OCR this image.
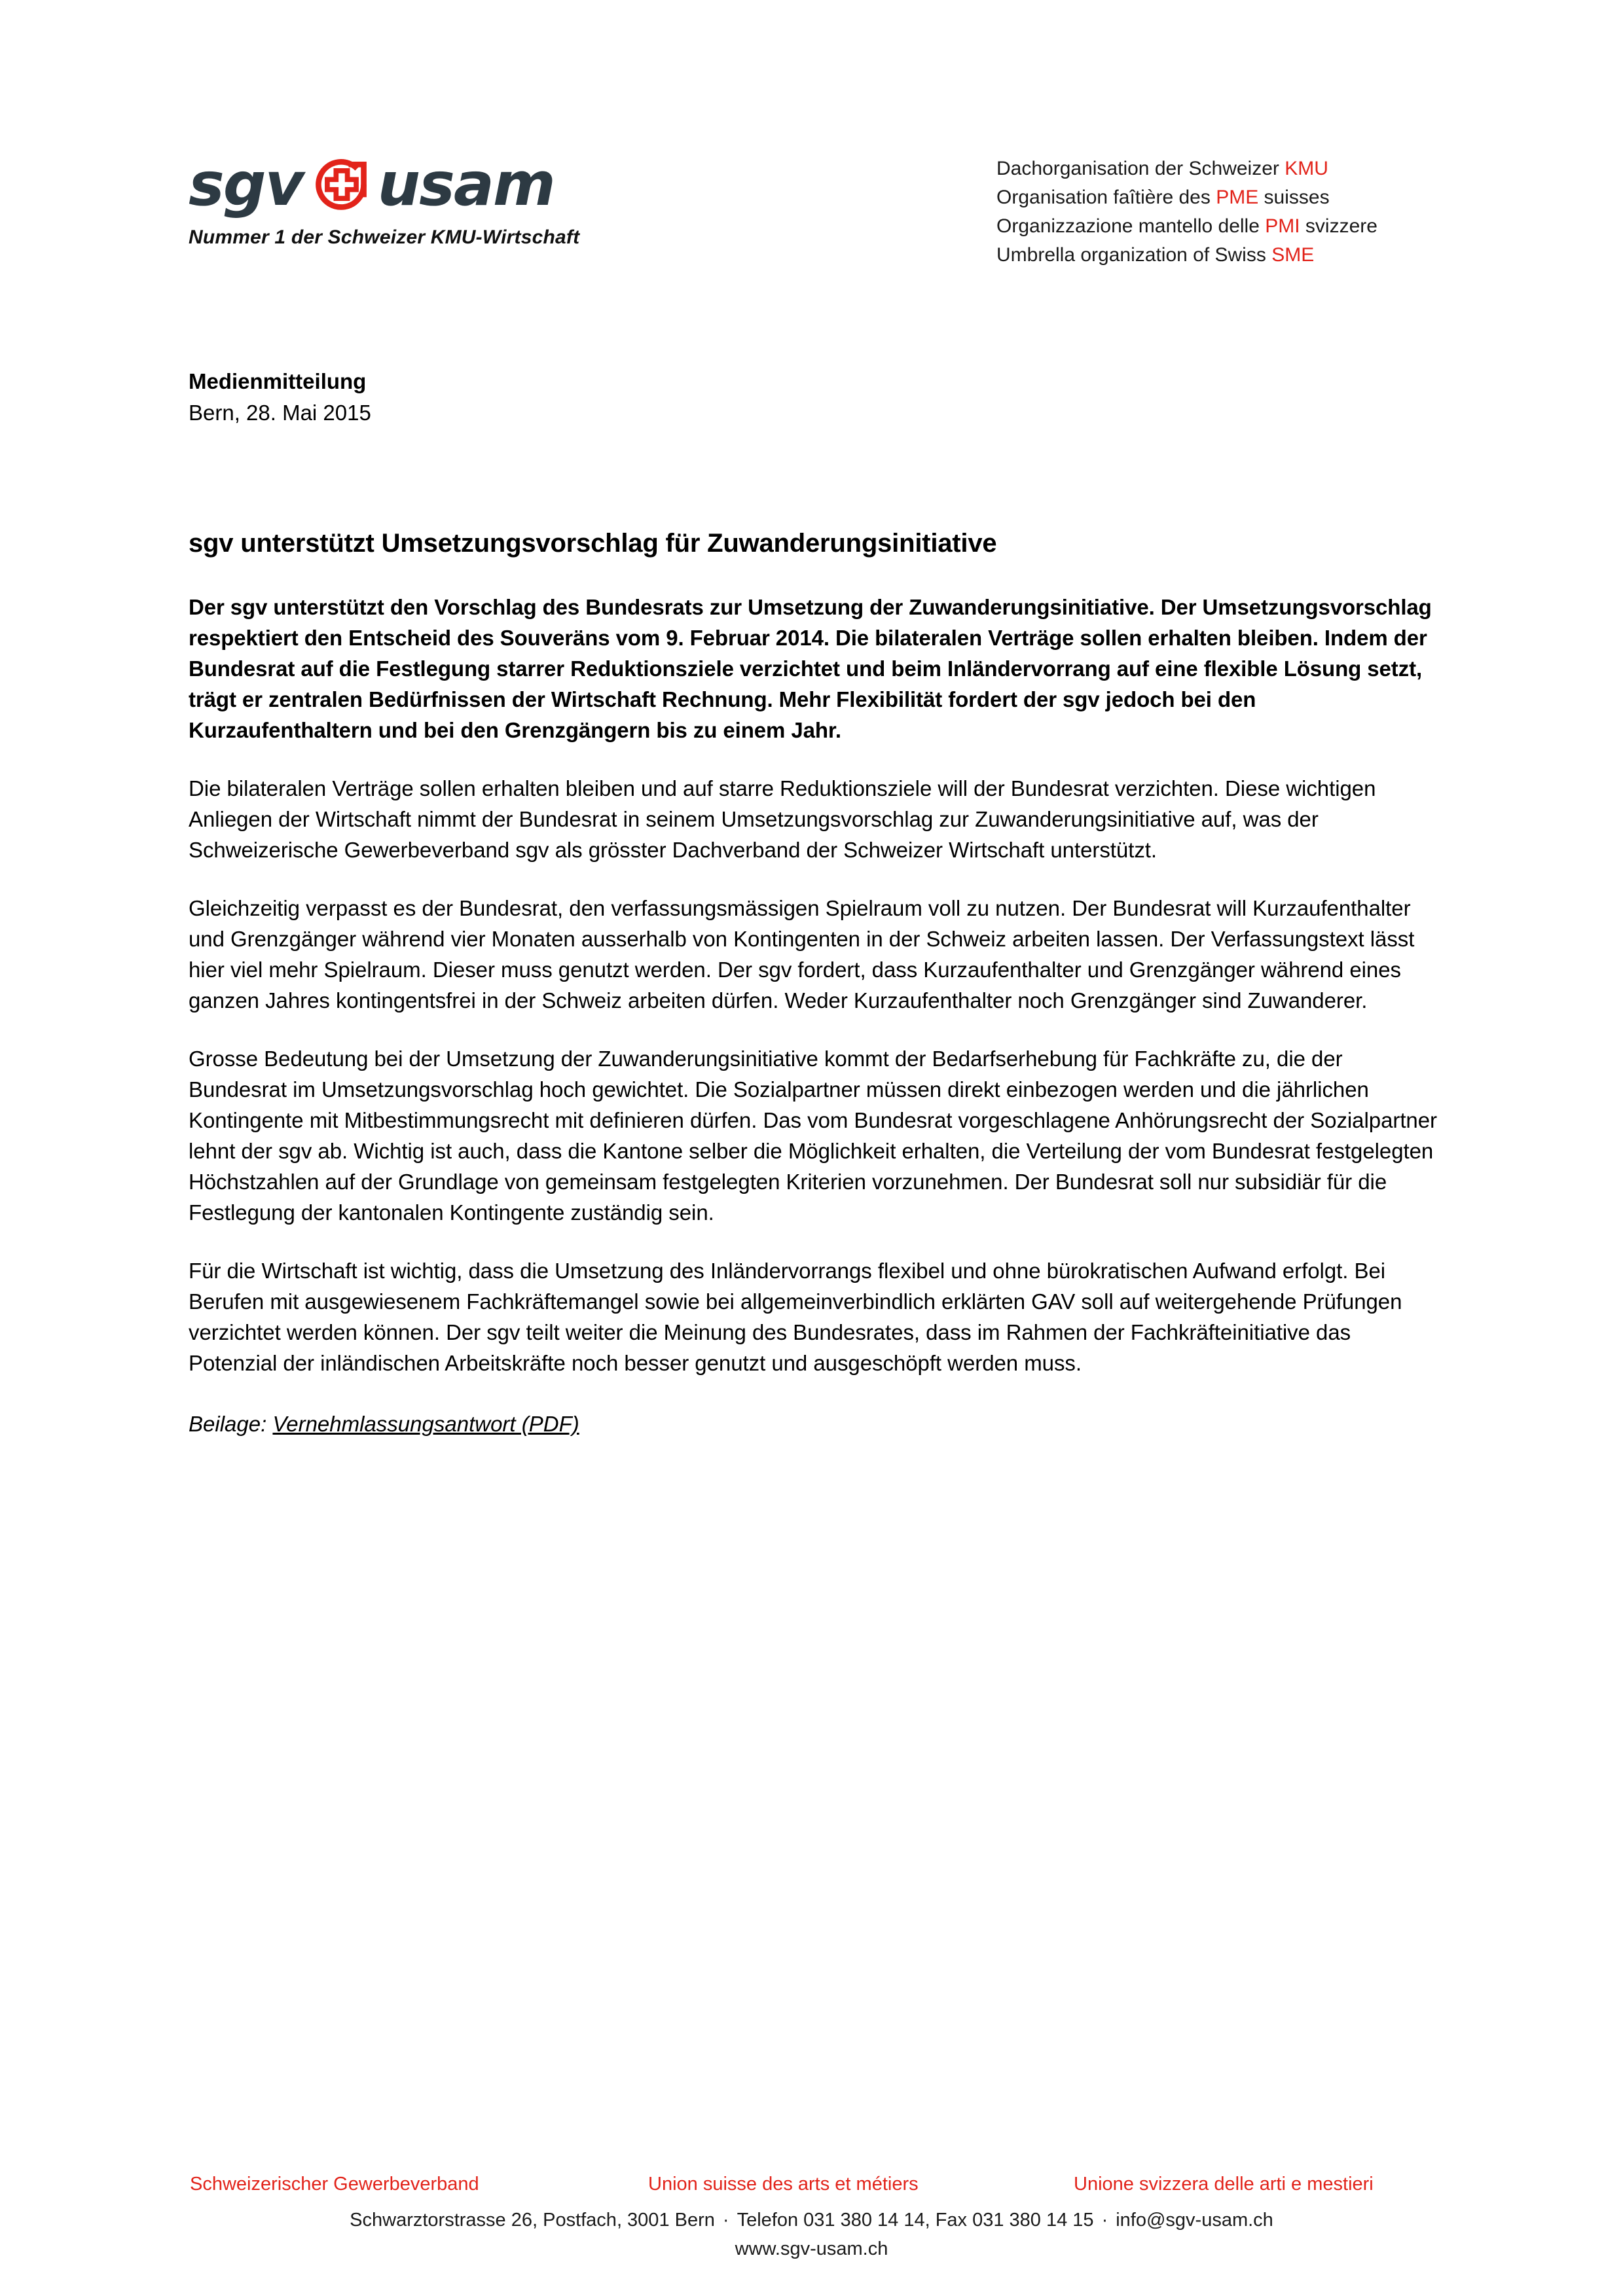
sgv usam
Nummer 1 der Schweizer KMU-Wirtschaft
Dachorganisation der Schweizer KMU
Organisation faîtière des PME suisses
Organizzazione mantello delle PMI svizzere
Umbrella organization of Swiss SME
Medienmitteilung
Bern, 28. Mai 2015
sgv unterstützt Umsetzungsvorschlag für Zuwanderungsinitiative

Der sgv unterstützt den Vorschlag des Bundesrats zur Umsetzung der Zuwanderungsinitiative. Der Umsetzungsvorschlag respektiert den Entscheid des Souveräns vom 9. Februar 2014. Die bilateralen Verträge sollen erhalten bleiben. Indem der Bundesrat auf die Festlegung starrer Reduktionsziele verzichtet und beim Inländervorrang auf eine flexible Lösung setzt, trägt er zentralen Bedürfnissen der Wirtschaft Rechnung. Mehr Flexibilität fordert der sgv jedoch bei den Kurzaufenthaltern und bei den Grenzgängern bis zu einem Jahr.

Die bilateralen Verträge sollen erhalten bleiben und auf starre Reduktionsziele will der Bundesrat verzichten. Diese wichtigen Anliegen der Wirtschaft nimmt der Bundesrat in seinem Umsetzungsvorschlag zur Zuwanderungsinitiative auf, was der Schweizerische Gewerbeverband sgv als grösster Dachverband der Schweizer Wirtschaft unterstützt.

Gleichzeitig verpasst es der Bundesrat, den verfassungsmässigen Spielraum voll zu nutzen. Der Bundesrat will Kurzaufenthalter und Grenzgänger während vier Monaten ausserhalb von Kontingenten in der Schweiz arbeiten lassen. Der Verfassungstext lässt hier viel mehr Spielraum. Dieser muss genutzt werden. Der sgv fordert, dass Kurzaufenthalter und Grenzgänger während eines ganzen Jahres kontingentsfrei in der Schweiz arbeiten dürfen. Weder Kurzaufenthalter noch Grenzgänger sind Zuwanderer.

Grosse Bedeutung bei der Umsetzung der Zuwanderungsinitiative kommt der Bedarfserhebung für Fachkräfte zu, die der Bundesrat im Umsetzungsvorschlag hoch gewichtet. Die Sozialpartner müssen direkt einbezogen werden und die jährlichen Kontingente mit Mitbestimmungsrecht mit definieren dürfen. Das vom Bundesrat vorgeschlagene Anhörungsrecht der Sozialpartner lehnt der sgv ab. Wichtig ist auch, dass die Kantone selber die Möglichkeit erhalten, die Verteilung der vom Bundesrat festgelegten Höchstzahlen auf der Grundlage von gemeinsam festgelegten Kriterien vorzunehmen. Der Bundesrat soll nur subsidiär für die Festlegung der kantonalen Kontingente zuständig sein.

Für die Wirtschaft ist wichtig, dass die Umsetzung des Inländervorrangs flexibel und ohne bürokratischen Aufwand erfolgt. Bei Berufen mit ausgewiesenem Fachkräftemangel sowie bei allgemeinverbindlich erklärten GAV soll auf weitergehende Prüfungen verzichtet werden können. Der sgv teilt weiter die Meinung des Bundesrates, dass im Rahmen der Fachkräfteinitiative das Potenzial der inländischen Arbeitskräfte noch besser genutzt und ausgeschöpft werden muss.

Beilage: Vernehmlassungsantwort (PDF)

Schweizerischer Gewerbeverband	Union suisse des arts et métiers	Unione svizzera delle arti e mestieri
Schwarztorstrasse 26, Postfach, 3001 Bern · Telefon 031 380 14 14, Fax 031 380 14 15 · info@sgv-usam.ch
www.sgv-usam.ch
